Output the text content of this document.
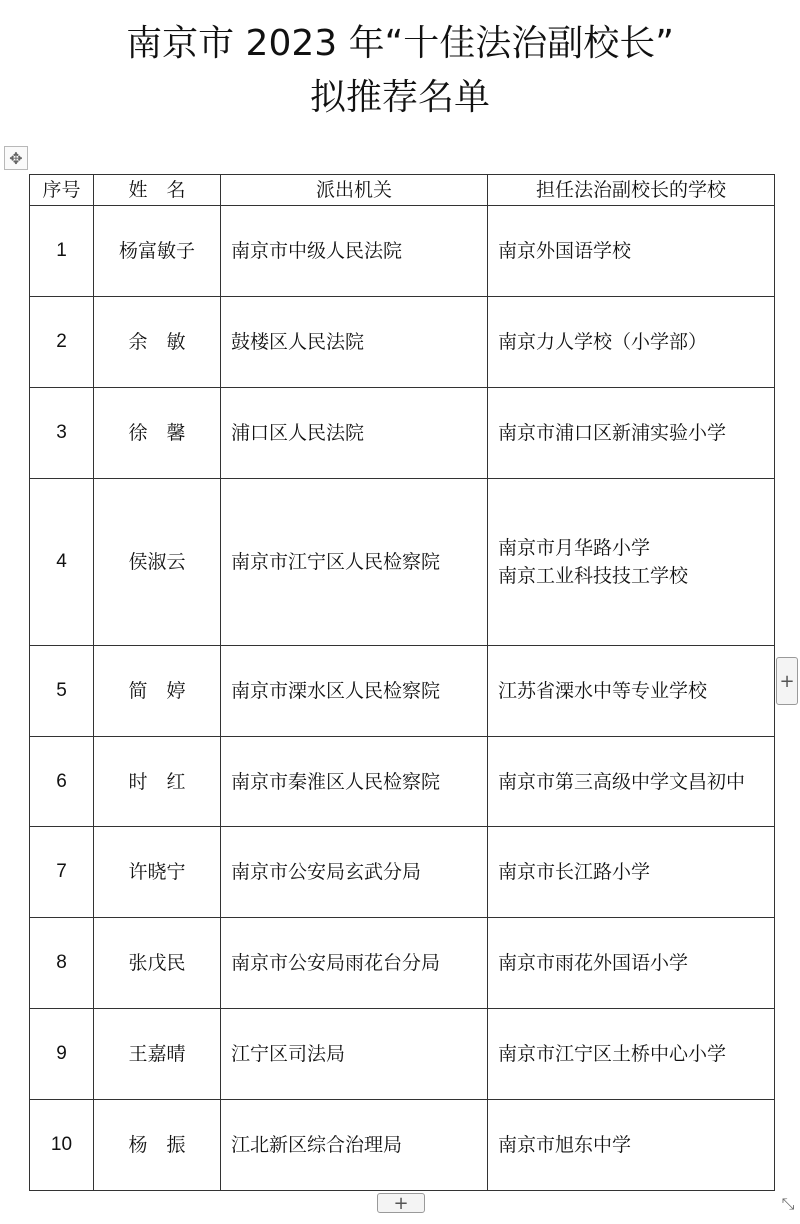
南京市 2023 年“十佳法治副校长”
拟推荐名单
✥
序号	姓　名	派出机关	担任法治副校长的学校
1	杨富敏子	南京市中级人民法院	南京外国语学校

2	余　敏	鼓楼区人民法院	南京力人学校（小学部）

3	徐　馨	浦口区人民法院	南京市浦口区新浦实验小学

4	侯淑云	南京市江宁区人民检察院	南京市月华路小学
南京工业科技技工学校

5	简　婷	南京市溧水区人民检察院	江苏省溧水中等专业学校

6	时　红	南京市秦淮区人民检察院	南京市第三高级中学文昌初中

7	许晓宁	南京市公安局玄武分局	南京市长江路小学

8	张戊民	南京市公安局雨花台分局	南京市雨花外国语小学

9	王嘉晴	江宁区司法局	南京市江宁区土桥中心小学

10	杨　振	江北新区综合治理局	南京市旭东中学
+
+	⤡
